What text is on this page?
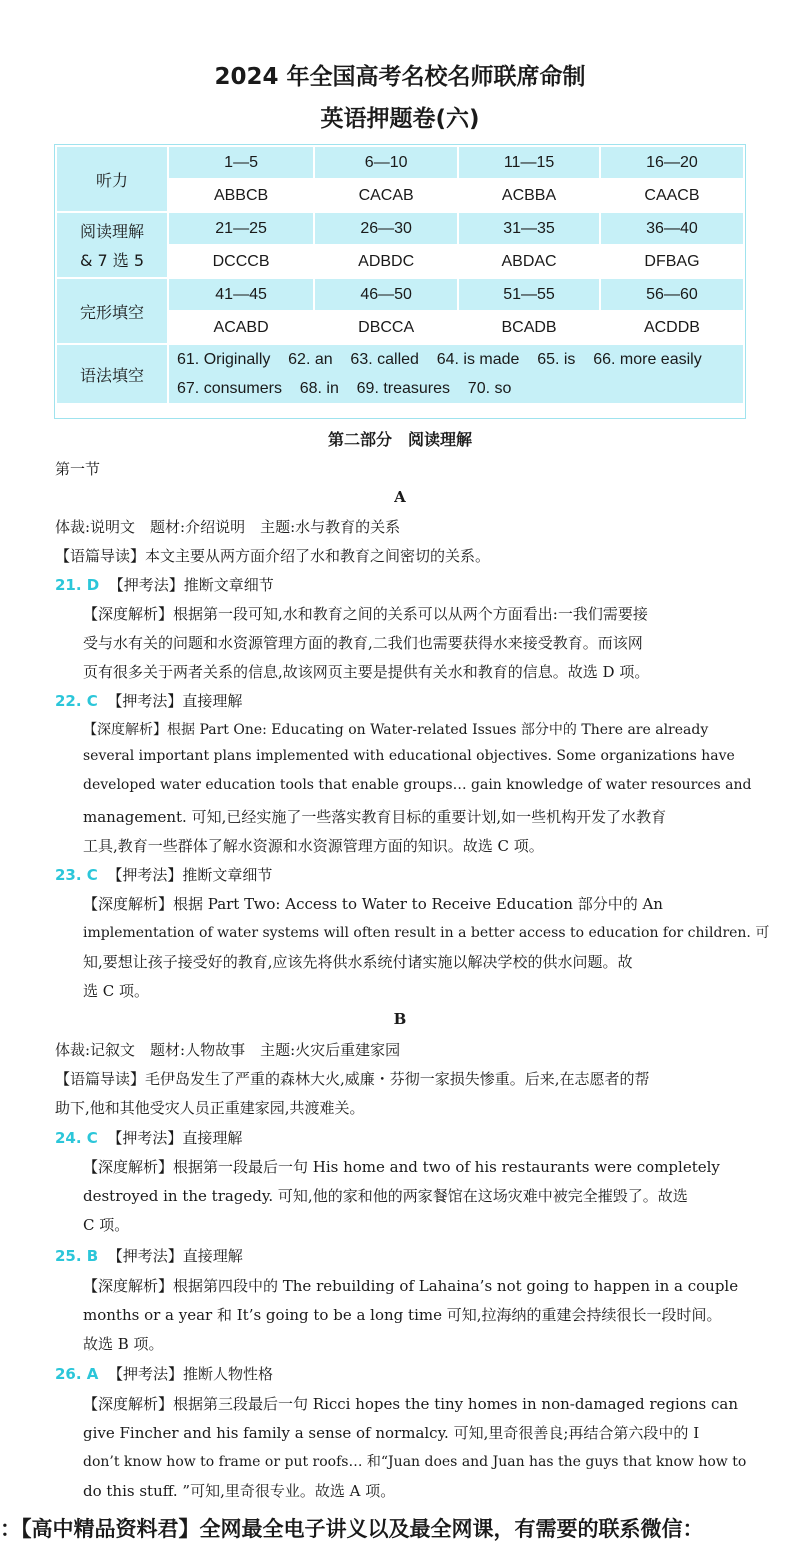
2024 年全国高考名校名师联席命制
英语押题卷(六)
听力	1—5	6—10	11—15	16—20
	ABBCB	CACAB	ACBBA	CAACB

阅读理解
& 7 选 5	21—25	26—30	31—35	36—40
	DCCCB	ADBDC	ABDAC	DFBAG
完形填空	41—45	46—50	51—55	56—60
	ACABD	DBCCA	BCADB	ACDDB
语法填空	61. Originally    62. an    63. called    64. is made    65. is    66. more easily
67. consumers    68. in    69. treasures    70. so			
第二部分　阅读理解
第一节
A
体裁:说明文　题材:介绍说明　主题:水与教育的关系
【语篇导读】本文主要从两方面介绍了水和教育之间密切的关系。
21. D 【押考法】推断文章细节
【深度解析】根据第一段可知,水和教育之间的关系可以从两个方面看出:一我们需要接
受与水有关的问题和水资源管理方面的教育,二我们也需要获得水来接受教育。而该网
页有很多关于两者关系的信息,故该网页主要是提供有关水和教育的信息。故选 D 项。
22. C 【押考法】直接理解
【深度解析】根据 Part One: Educating on Water-related Issues 部分中的 There are already
several important plans implemented with educational objectives. Some organizations have
developed water education tools that enable groups… gain knowledge of water resources and
management. 可知,已经实施了一些落实教育目标的重要计划,如一些机构开发了水教育
工具,教育一些群体了解水资源和水资源管理方面的知识。故选 C 项。
23. C 【押考法】推断文章细节
【深度解析】根据 Part Two: Access to Water to Receive Education 部分中的 An
implementation of water systems will often result in a better access to education for children. 可
知,要想让孩子接受好的教育,应该先将供水系统付诸实施以解决学校的供水问题。故
选 C 项。
B
体裁:记叙文　题材:人物故事　主题:火灾后重建家园
【语篇导读】毛伊岛发生了严重的森林大火,威廉・芬彻一家损失惨重。后来,在志愿者的帮
助下,他和其他受灾人员正重建家园,共渡难关。
24. C 【押考法】直接理解
【深度解析】根据第一段最后一句 His home and two of his restaurants were completely
destroyed in the tragedy. 可知,他的家和他的两家餐馆在这场灾难中被完全摧毁了。故选
C 项。
25. B 【押考法】直接理解
【深度解析】根据第四段中的 The rebuilding of Lahaina’s not going to happen in a couple
months or a year 和 It’s going to be a long time 可知,拉海纳的重建会持续很长一段时间。
故选 B 项。
26. A 【押考法】推断人物性格
【深度解析】根据第三段最后一句 Ricci hopes the tiny homes in non-damaged regions can
give Fincher and his family a sense of normalcy. 可知,里奇很善良;再结合第六段中的 I
don’t know how to frame or put roofs… 和“Juan does and Juan has the guys that know how to
do this stuff. ”可知,里奇很专业。故选 A 项。
：【高中精品资料君】全网最全电子讲义以及最全网课，有需要的联系微信：
